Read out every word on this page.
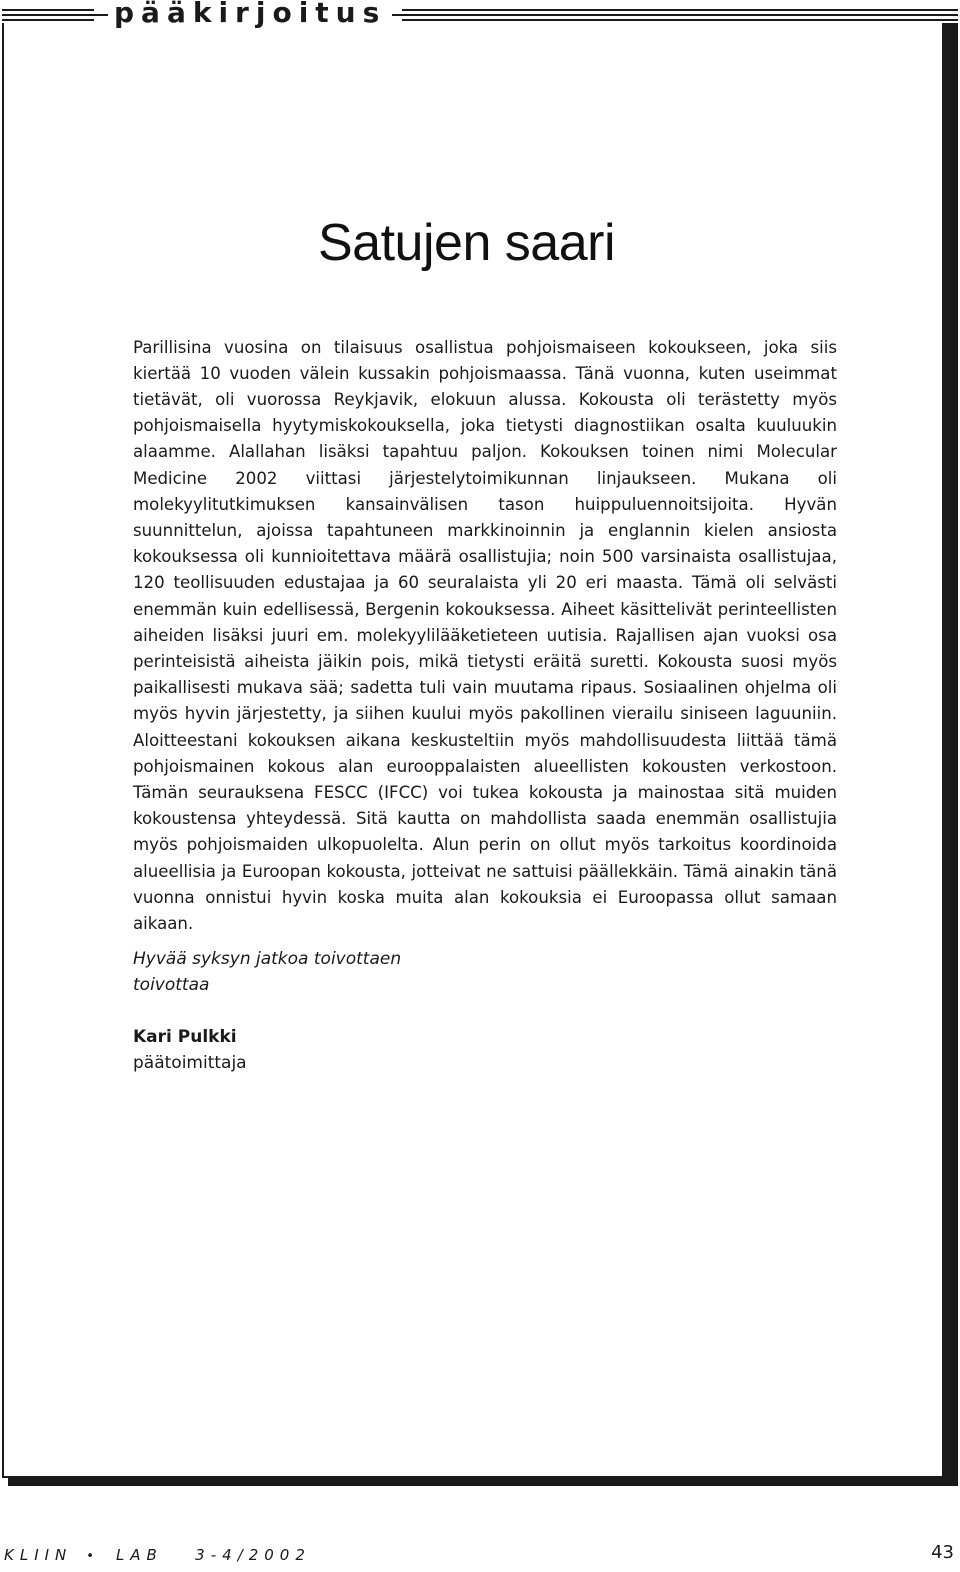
pääkirjoitus
Satujen saari

Parillisina vuosina on tilaisuus osallistua pohjoismaiseen kokoukseen, joka siis kiertää 10 vuoden välein kussakin pohjoismaassa. Tänä vuonna, kuten useimmat tietävät, oli vuorossa Reykjavik, elokuun alussa. Kokousta oli terästetty myös pohjoismaisella hyytymiskokouksella, joka tietysti diagnostiikan osalta kuuluukin alaamme. Alallahan lisäksi tapahtuu paljon. Kokouksen toinen nimi Molecular Medicine 2002 viittasi järjestelytoimikunnan linjaukseen. Mukana oli molekyylitutkimuksen kansainvälisen tason huippuluennoitsijoita. Hyvän suunnittelun, ajoissa tapahtuneen markkinoinnin ja englannin kielen ansiosta kokouksessa oli kunnioitettava määrä osallistujia; noin 500 varsinaista osallistujaa, 120 teollisuuden edustajaa ja 60 seuralaista yli 20 eri maasta. Tämä oli selvästi enemmän kuin edellisessä, Bergenin kokouksessa. Aiheet käsittelivät perinteellisten aiheiden lisäksi juuri em. molekyylilääketieteen uutisia. Rajallisen ajan vuoksi osa perinteisistä aiheista jäikin pois, mikä tietysti eräitä suretti. Kokousta suosi myös paikallisesti mukava sää; sadetta tuli vain muutama ripaus. Sosiaalinen ohjelma oli myös hyvin järjestetty, ja siihen kuului myös pakollinen vierailu siniseen laguuniin. Aloitteestani kokouksen aikana keskusteltiin myös mahdollisuudesta liittää tämä pohjoismainen kokous alan eurooppalaisten alueellisten kokousten verkostoon. Tämän seurauksena FESCC (IFCC) voi tukea kokousta ja mainostaa sitä muiden kokoustensa yhteydessä. Sitä kautta on mahdollista saada enemmän osallistujia myös pohjoismaiden ulkopuolelta. Alun perin on ollut myös tarkoitus koordinoida alueellisia ja Euroopan kokousta, jotteivat ne sattuisi päällekkäin. Tämä ainakin tänä vuonna onnistui hyvin koska muita alan kokouksia ei Euroopassa ollut samaan aikaan.

Hyvää syksyn jatkoa toivottaen
toivottaa
Kari Pulkki
päätoimittaja
KLIIN • LAB 3-4/2002	43
